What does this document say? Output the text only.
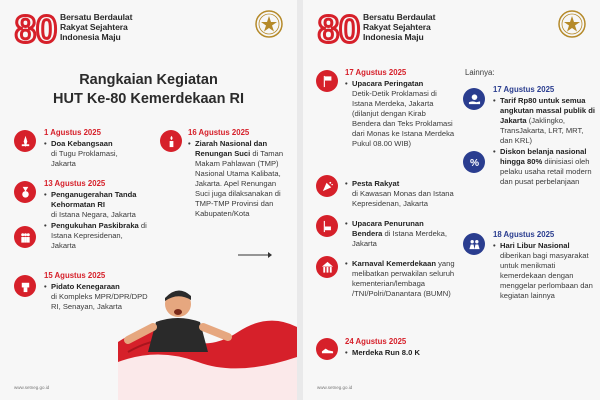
80 Bersatu Berdaulat
Rakyat Sejahtera
Indonesia Maju
Rangkaian Kegiatan
HUT Ke-80 Kemerdekaan RI
1 Agustus 2025
• Doa Kebangsaan
di Tugu Proklamasi, Jakarta

13 Agustus 2025
• Penganugerahan Tanda Kehormatan RI
di Istana Negara, Jakarta

• Pengukuhan Paskibraka di Istana Kepresidenan, Jakarta

15 Agustus 2025
• Pidato Kenegaraan
di Kompleks MPR/DPR/DPD RI, Senayan, Jakarta

16 Agustus 2025
• Ziarah Nasional dan Renungan Suci di Taman Makam Pahlawan (TMP) Nasional Utama Kalibata, Jakarta. Apel Renungan Suci juga dilaksanakan di TMP-TMP Provinsi dan Kabupaten/Kota

www.setneg.go.id
80 Bersatu Berdaulat
Rakyat Sejahtera
Indonesia Maju
17 Agustus 2025
• Upacara Peringatan
Detik-Detik Proklamasi di Istana Merdeka, Jakarta
(dilanjut dengan Kirab Bendera dan Teks Proklamasi dari Monas ke Istana Merdeka Pukul 08.00 WIB)

• Pesta Rakyat
di Kawasan Monas dan Istana Kepresidenan, Jakarta

• Upacara Penurunan Bendera di Istana Merdeka, Jakarta

• Karnaval Kemerdekaan yang melibatkan perwakilan seluruh kementerian/lembaga /TNI/Polri/Danantara (BUMN)

24 Agustus 2025
• Merdeka Run 8.0 K

Lainnya:
%
17 Agustus 2025
• Tarif Rp80 untuk semua angkutan massal publik di Jakarta (Jaklingko, TransJakarta, LRT, MRT, dan KRL)

• Diskon belanja nasional hingga 80% diinisiasi oleh pelaku usaha retail modern dan pusat perbelanjaan

18 Agustus 2025
• Hari Libur Nasional diberikan bagi masyarakat untuk menikmati kemerdekaan dengan menggelar perlombaan dan kegiatan lainnya

www.setneg.go.id
